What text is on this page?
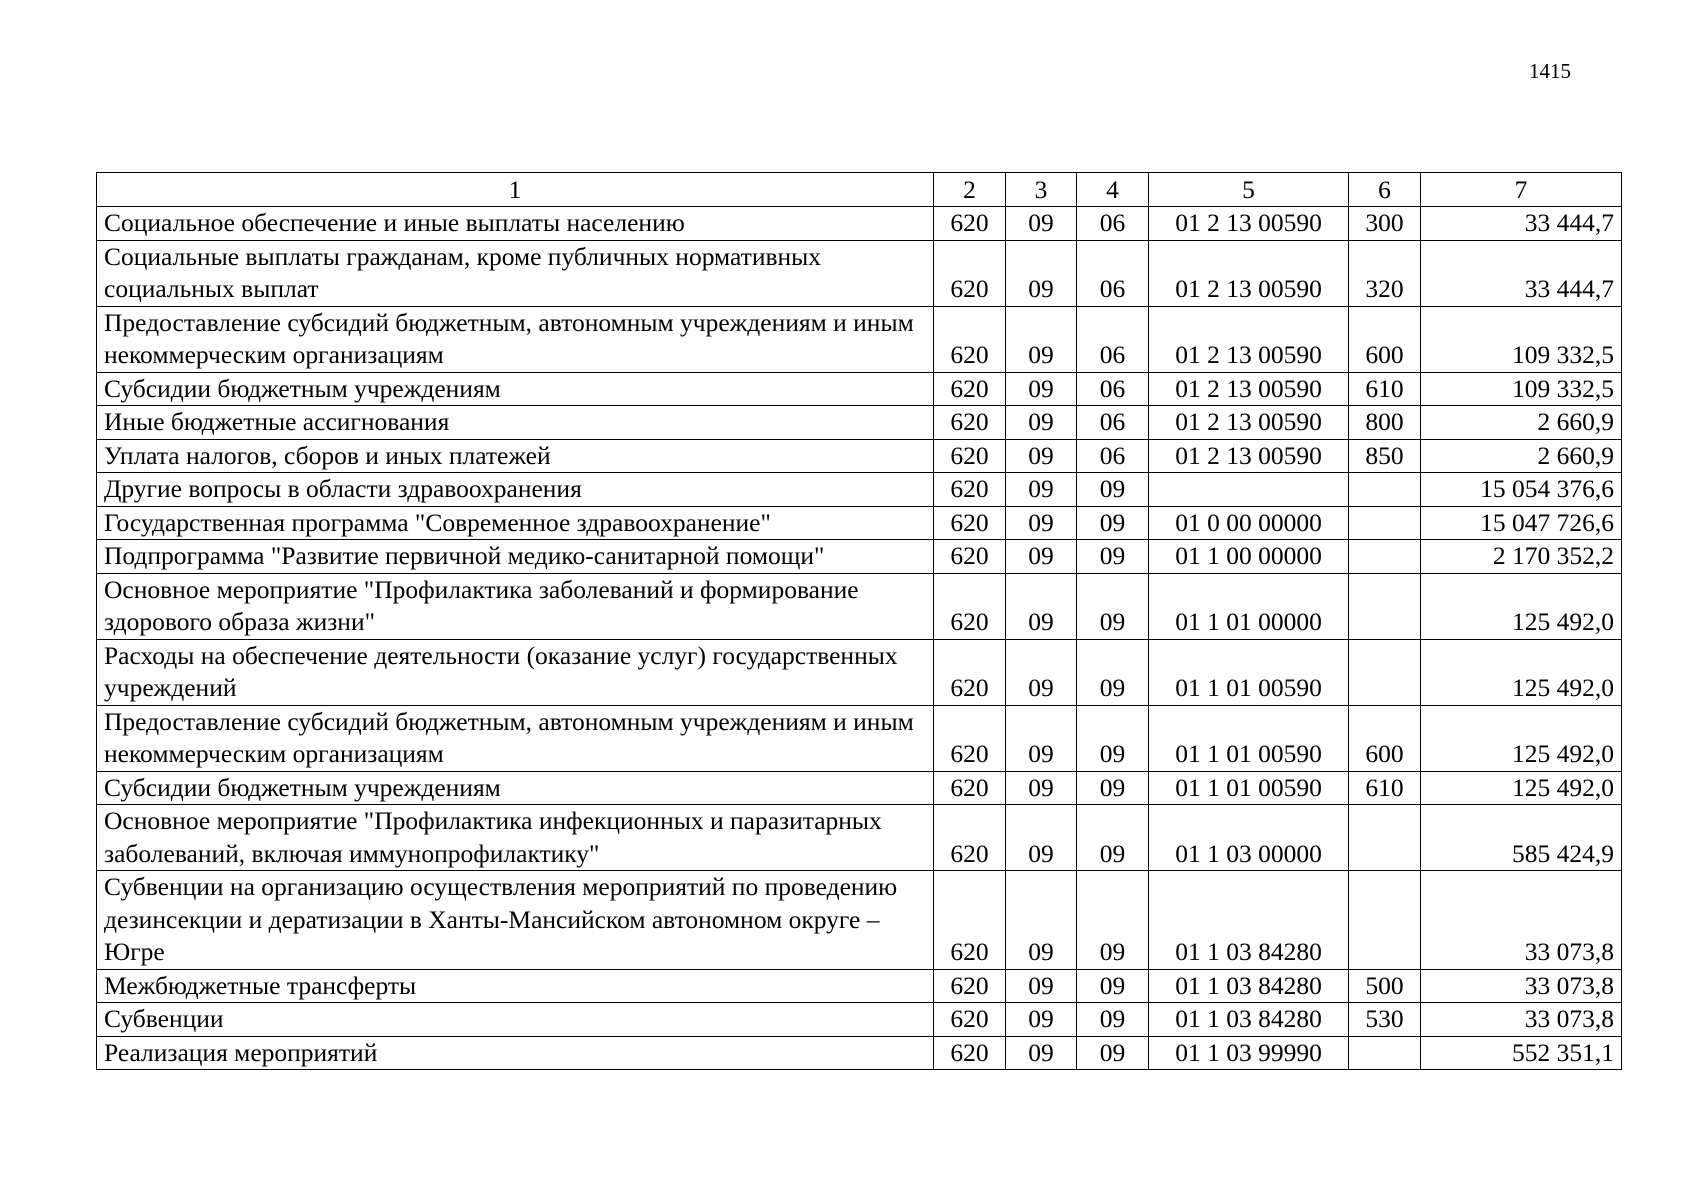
1415
1	2	3	4	5	6	7
Социальное обеспечение и иные выплаты населению	620	09	06	01 2 13 00590	300	33 444,7
Социальные выплаты гражданам, кроме публичных нормативных социальных выплат	620	09	06	01 2 13 00590	320	33 444,7
Предоставление субсидий бюджетным, автономным учреждениям и иным некоммерческим организациям	620	09	06	01 2 13 00590	600	109 332,5
Субсидии бюджетным учреждениям	620	09	06	01 2 13 00590	610	109 332,5
Иные бюджетные ассигнования	620	09	06	01 2 13 00590	800	2 660,9
Уплата налогов, сборов и иных платежей	620	09	06	01 2 13 00590	850	2 660,9
Другие вопросы в области здравоохранения	620	09	09			15 054 376,6
Государственная программа "Современное здравоохранение"	620	09	09	01 0 00 00000		15 047 726,6
Подпрограмма "Развитие первичной медико-санитарной помощи"	620	09	09	01 1 00 00000		2 170 352,2
Основное мероприятие "Профилактика заболеваний и формирование здорового образа жизни"	620	09	09	01 1 01 00000		125 492,0
Расходы на обеспечение деятельности (оказание услуг) государственных учреждений	620	09	09	01 1 01 00590		125 492,0
Предоставление субсидий бюджетным, автономным учреждениям и иным некоммерческим организациям	620	09	09	01 1 01 00590	600	125 492,0
Субсидии бюджетным учреждениям	620	09	09	01 1 01 00590	610	125 492,0
Основное мероприятие "Профилактика инфекционных и паразитарных заболеваний, включая иммунопрофилактику"	620	09	09	01 1 03 00000		585 424,9
Субвенции на организацию осуществления мероприятий по проведению дезинсекции и дератизации в Ханты-Мансийском автономном округе – Югре	620	09	09	01 1 03 84280		33 073,8
Межбюджетные трансферты	620	09	09	01 1 03 84280	500	33 073,8
Субвенции	620	09	09	01 1 03 84280	530	33 073,8
Реализация мероприятий	620	09	09	01 1 03 99990		552 351,1
